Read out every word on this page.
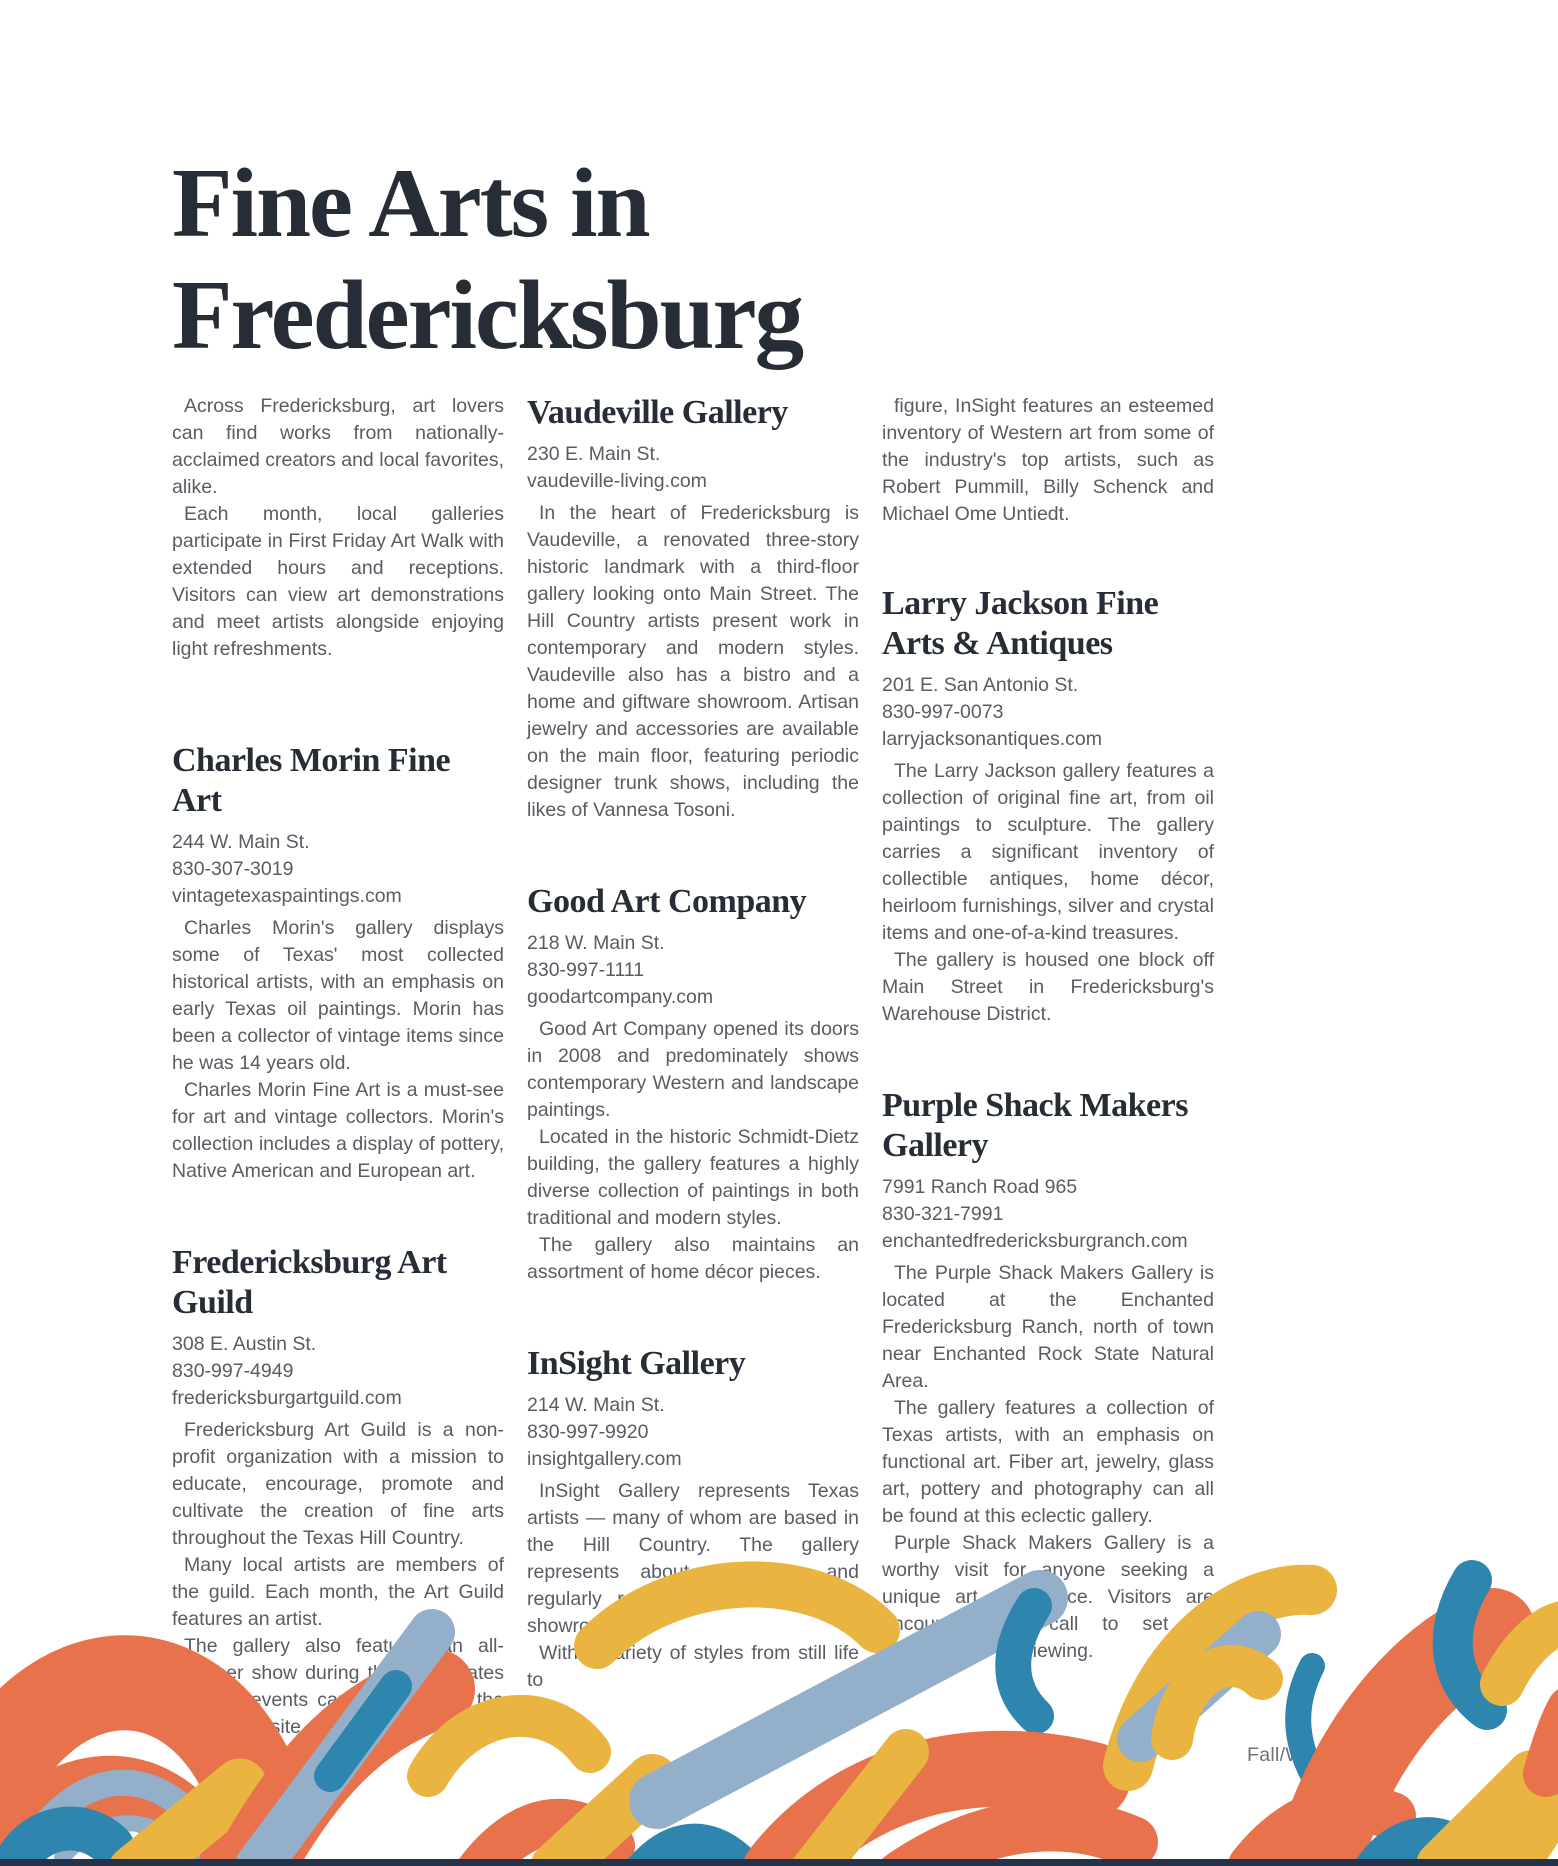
Fine Arts in
Fredericksburg

Across Fredericksburg, art lovers can find works from nationally-acclaimed creators and local favorites, alike.

Each month, local galleries participate in First Friday Art Walk with extended hours and receptions. Visitors can view art demonstrations and meet artists alongside enjoying light refreshments.

Charles Morin Fine Art
244 W. Main St.
830-307-3019
vintagetexaspaintings.com

Charles Morin's gallery displays some of Texas' most collected historical artists, with an emphasis on early Texas oil paintings. Morin has been a collector of vintage items since he was 14 years old.

Charles Morin Fine Art is a must-see for art and vintage collectors. Morin's collection includes a display of pottery, Native American and European art.

Fredericksburg Art Guild
308 E. Austin St.
830-997-4949
fredericksburgartguild.com

Fredericksburg Art Guild is a non-profit organization with a mission to educate, encourage, promote and cultivate the creation of fine arts throughout the Texas Hill Country.

Many local artists are members of the guild. Each month, the Art Guild features an artist.

The gallery also features an all-member show during the year. Dates for their events can be found on the gallery website.

Vaudeville Gallery
230 E. Main St.
vaudeville-living.com

In the heart of Fredericksburg is Vaudeville, a renovated three-story historic landmark with a third-floor gallery looking onto Main Street. The Hill Country artists present work in contemporary and modern styles. Vaudeville also has a bistro and a home and giftware showroom. Artisan jewelry and accessories are available on the main floor, featuring periodic designer trunk shows, including the likes of Vannesa Tosoni.

Good Art Company
218 W. Main St.
830-997-1111
goodartcompany.com

Good Art Company opened its doors in 2008 and predominately shows contemporary Western and landscape paintings.

Located in the historic Schmidt-Dietz building, the gallery features a highly diverse collection of paintings in both traditional and modern styles.

The gallery also maintains an assortment of home décor pieces.

InSight Gallery
214 W. Main St.
830-997-9920
insightgallery.com

InSight Gallery represents Texas artists — many of whom are based in the Hill Country. The gallery represents about 40 artists and regularly rotates the works in the showrooms.

With a variety of styles from still life to

figure, InSight features an esteemed inventory of Western art from some of the industry's top artists, such as Robert Pummill, Billy Schenck and Michael Ome Untiedt.

Larry Jackson Fine Arts & Antiques
201 E. San Antonio St.
830-997-0073
larryjacksonantiques.com

The Larry Jackson gallery features a collection of original fine art, from oil paintings to sculpture. The gallery carries a significant inventory of collectible antiques, home décor, heirloom furnishings, silver and crystal items and one-of-a-kind treasures.

The gallery is housed one block off Main Street in Fredericksburg's Warehouse District.

Purple Shack Makers Gallery
7991 Ranch Road 965
830-321-7991
enchantedfredericksburgranch.com

The Purple Shack Makers Gallery is located at the Enchanted Fredericksburg Ranch, north of town near Enchanted Rock State Natural Area.

The gallery features a collection of Texas artists, with an emphasis on functional art. Fiber art, jewelry, glass art, pottery and photography can all be found at this eclectic gallery.

Purple Shack Makers Gallery is a worthy visit for anyone seeking a unique art experience. Visitors are encouraged to call to set an appointment for viewing.

Fall/Winter 202
